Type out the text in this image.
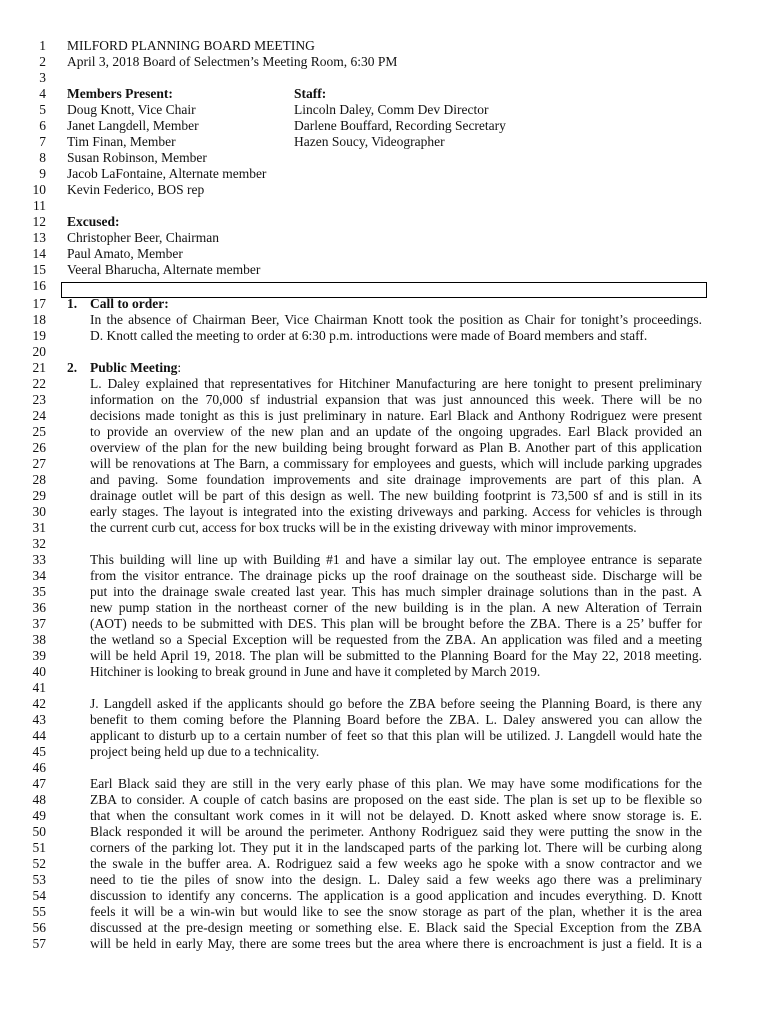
1
2
3
4
5
6
7
8
9
10
11
12
13
14
15
16
17
18
19
20
21
22
23
24
25
26
27
28
29
30
31
32
33
34
35
36
37
38
39
40
41
42
43
44
45
46
47
48
49
50
51
52
53
54
55
56
57
MILFORD PLANNING BOARD MEETING
April 3, 2018 Board of Selectmen’s Meeting Room, 6:30 PM
Members Present:
Doug Knott, Vice Chair
Janet Langdell, Member
Tim Finan, Member
Susan Robinson, Member
Jacob LaFontaine, Alternate member
Kevin Federico, BOS rep
Staff:
Lincoln Daley, Comm Dev Director
Darlene Bouffard, Recording Secretary
Hazen Soucy, Videographer
Excused:
Christopher Beer, Chairman
Paul Amato, Member
Veeral Bharucha, Alternate member
1. Call to order:
In the absence of Chairman Beer, Vice Chairman Knott took the position as Chair for tonight’s proceedings.
D. Knott called the meeting to order at 6:30 p.m. introductions were made of Board members and staff.
2. Public Meeting:
L. Daley explained that representatives for Hitchiner Manufacturing are here tonight to present preliminary
information on the 70,000 sf industrial expansion that was just announced this week. There will be no
decisions made tonight as this is just preliminary in nature. Earl Black and Anthony Rodriguez were present
to provide an overview of the new plan and an update of the ongoing upgrades. Earl Black provided an
overview of the plan for the new building being brought forward as Plan B. Another part of this application
will be renovations at The Barn, a commissary for employees and guests, which will include parking upgrades
and paving. Some foundation improvements and site drainage improvements are part of this plan. A
drainage outlet will be part of this design as well. The new building footprint is 73,500 sf and is still in its
early stages. The layout is integrated into the existing driveways and parking. Access for vehicles is through
the current curb cut, access for box trucks will be in the existing driveway with minor improvements.
This building will line up with Building #1 and have a similar lay out. The employee entrance is separate
from the visitor entrance. The drainage picks up the roof drainage on the southeast side. Discharge will be
put into the drainage swale created last year. This has much simpler drainage solutions than in the past. A
new pump station in the northeast corner of the new building is in the plan. A new Alteration of Terrain
(AOT) needs to be submitted with DES. This plan will be brought before the ZBA. There is a 25’ buffer for
the wetland so a Special Exception will be requested from the ZBA. An application was filed and a meeting
will be held April 19, 2018. The plan will be submitted to the Planning Board for the May 22, 2018 meeting.
Hitchiner is looking to break ground in June and have it completed by March 2019.
J. Langdell asked if the applicants should go before the ZBA before seeing the Planning Board, is there any
benefit to them coming before the Planning Board before the ZBA. L. Daley answered you can allow the
applicant to disturb up to a certain number of feet so that this plan will be utilized. J. Langdell would hate the
project being held up due to a technicality.
Earl Black said they are still in the very early phase of this plan. We may have some modifications for the
ZBA to consider. A couple of catch basins are proposed on the east side. The plan is set up to be flexible so
that when the consultant work comes in it will not be delayed. D. Knott asked where snow storage is. E.
Black responded it will be around the perimeter. Anthony Rodriguez said they were putting the snow in the
corners of the parking lot. They put it in the landscaped parts of the parking lot. There will be curbing along
the swale in the buffer area. A. Rodriguez said a few weeks ago he spoke with a snow contractor and we
need to tie the piles of snow into the design. L. Daley said a few weeks ago there was a preliminary
discussion to identify any concerns. The application is a good application and incudes everything. D. Knott
feels it will be a win-win but would like to see the snow storage as part of the plan, whether it is the area
discussed at the pre-design meeting or something else. E. Black said the Special Exception from the ZBA
will be held in early May, there are some trees but the area where there is encroachment is just a field. It is a
